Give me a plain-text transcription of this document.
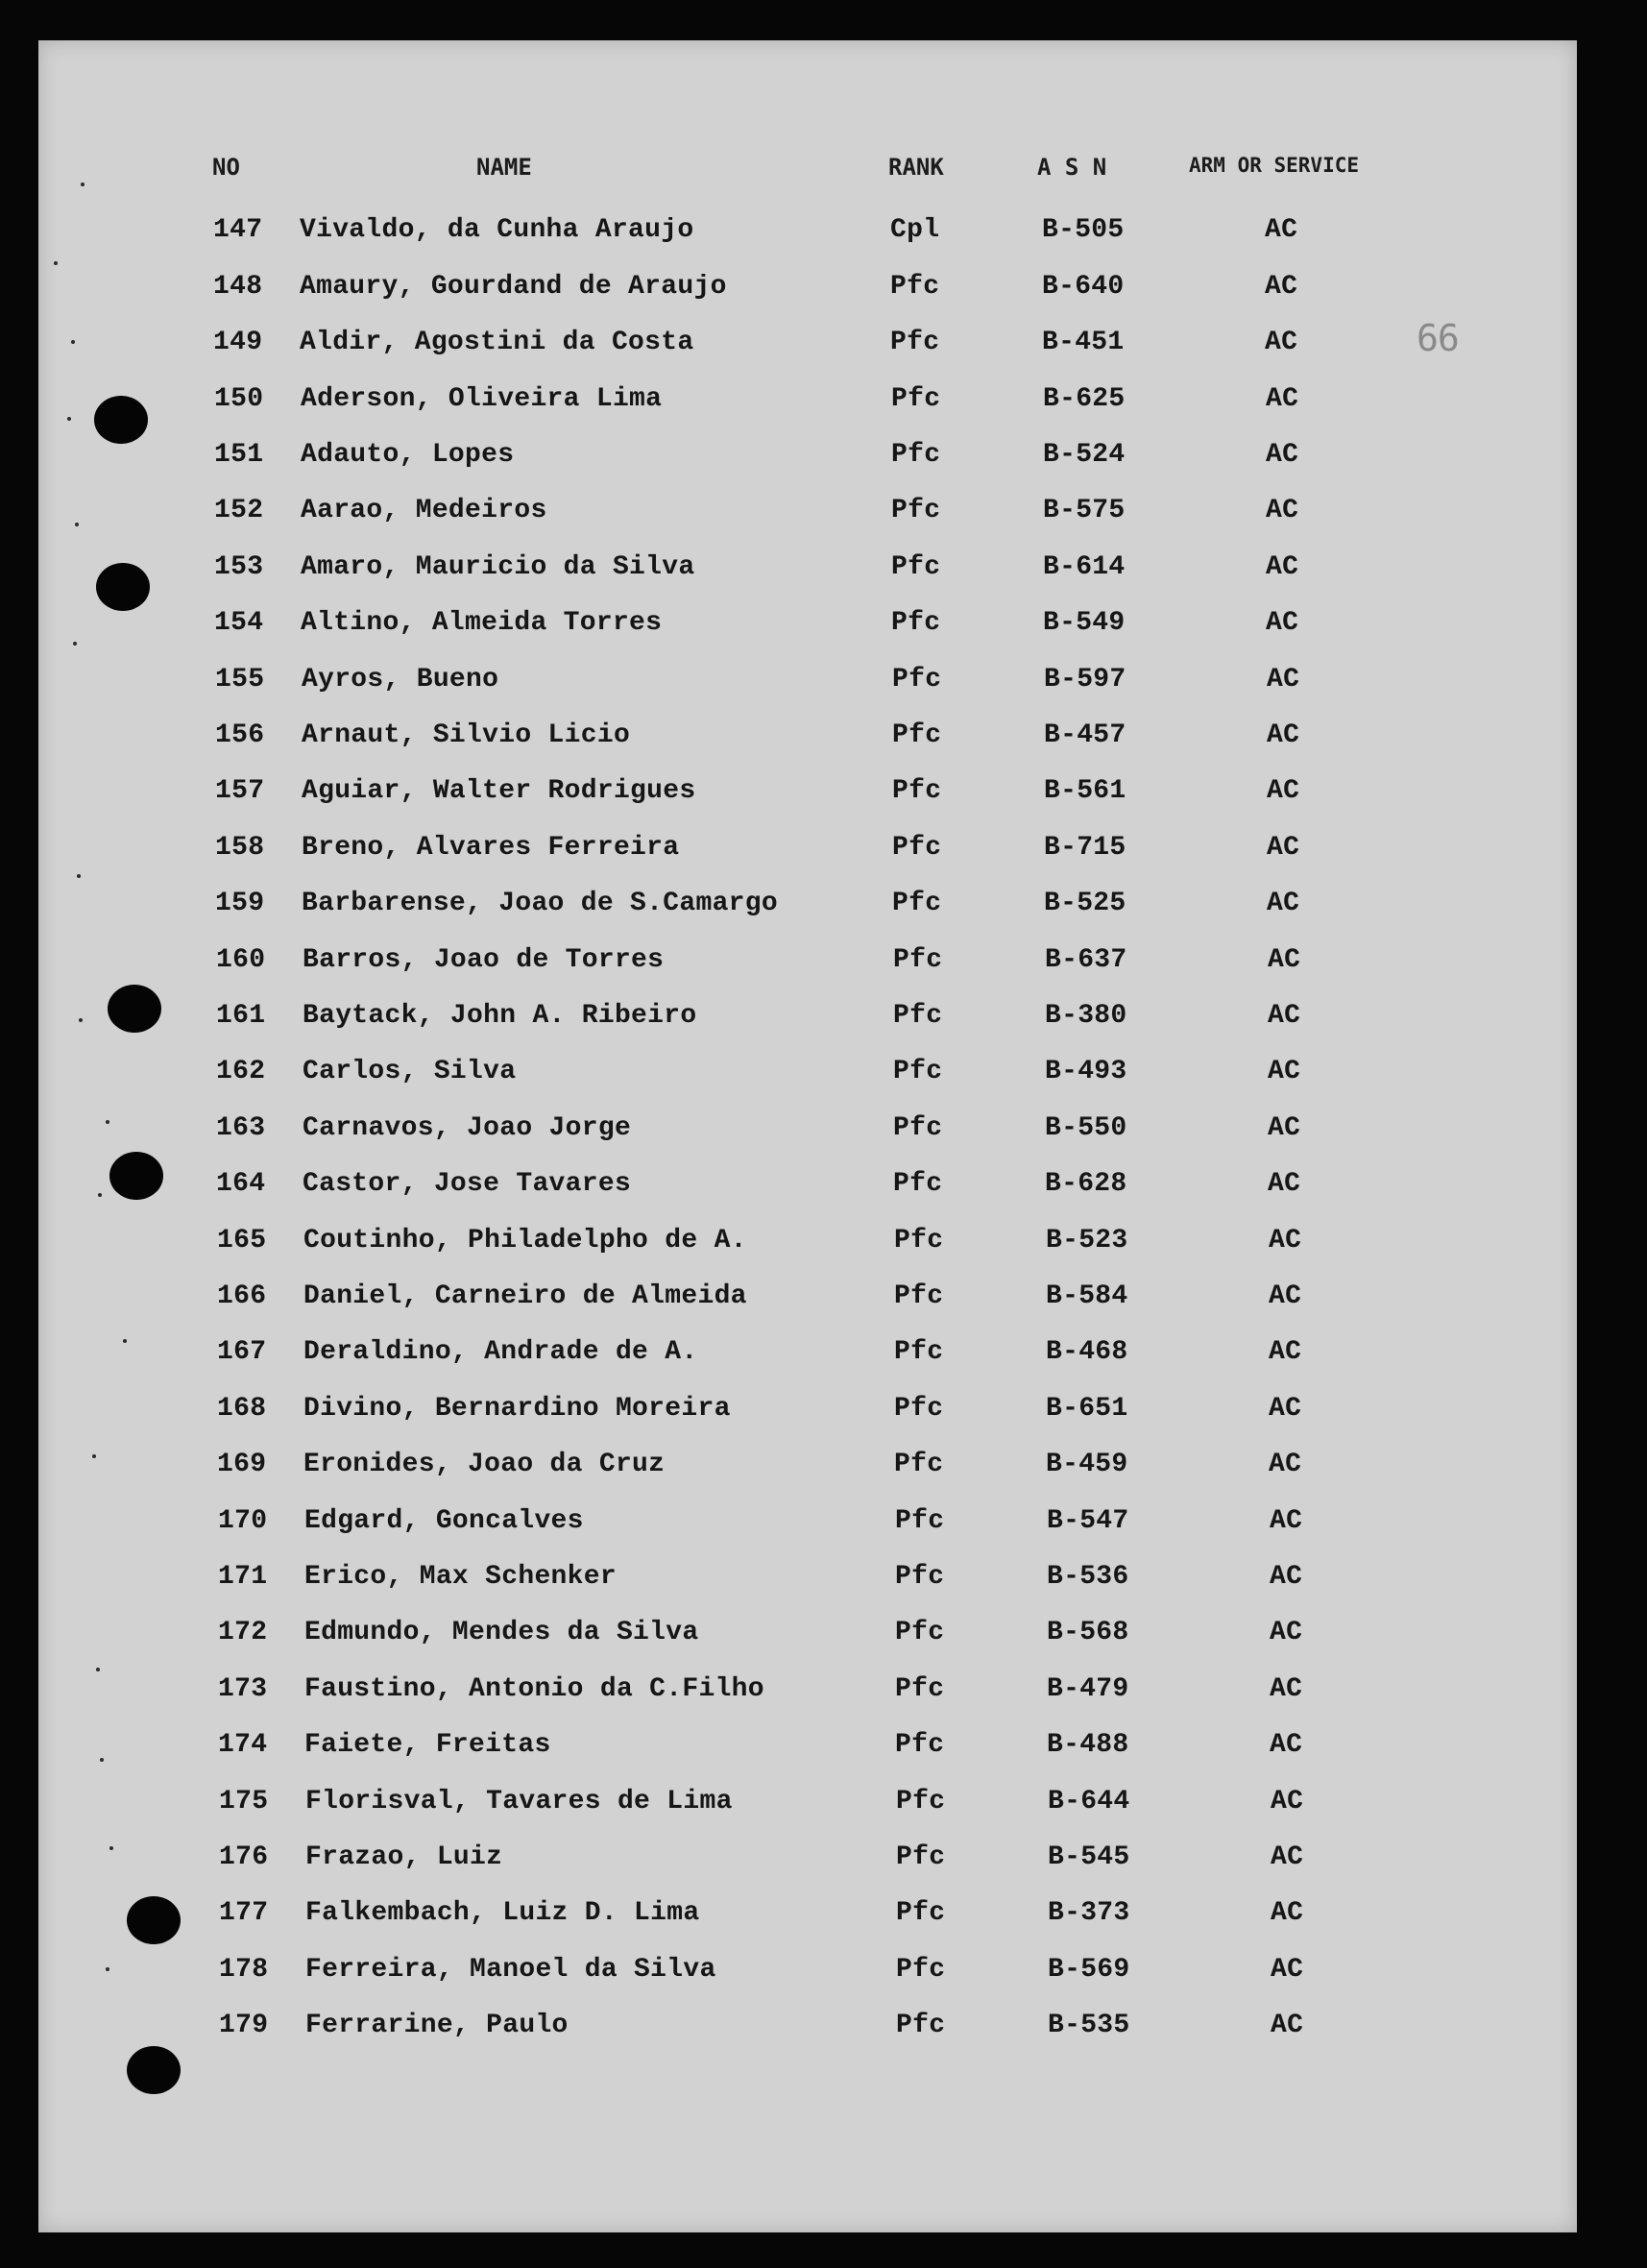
NO	NAME	RANK	A S N	ARM OR SERVICE
66
147 Vivaldo, da Cunha Araujo	Cpl	B-505	AC
148 Amaury, Gourdand de Araujo	Pfc	B-640	AC
149 Aldir, Agostini da Costa	Pfc	B-451	AC
150 Aderson, Oliveira Lima	Pfc	B-625	AC
151 Adauto, Lopes	Pfc	B-524	AC
152 Aarao, Medeiros	Pfc	B-575	AC
153 Amaro, Mauricio da Silva	Pfc	B-614	AC
154 Altino, Almeida Torres	Pfc	B-549	AC
155 Ayros, Bueno	Pfc	B-597	AC
156 Arnaut, Silvio Licio	Pfc	B-457	AC
157 Aguiar, Walter Rodrigues	Pfc	B-561	AC
158 Breno, Alvares Ferreira	Pfc	B-715	AC
159 Barbarense, Joao de S.Camargo	Pfc	B-525	AC
160 Barros, Joao de Torres	Pfc	B-637	AC
161 Baytack, John A. Ribeiro	Pfc	B-380	AC
162 Carlos, Silva	Pfc	B-493	AC
163 Carnavos, Joao Jorge	Pfc	B-550	AC
164 Castor, Jose Tavares	Pfc	B-628	AC
165 Coutinho, Philadelpho de A.	Pfc	B-523	AC
166 Daniel, Carneiro de Almeida	Pfc	B-584	AC
167 Deraldino, Andrade de A.	Pfc	B-468	AC
168 Divino, Bernardino Moreira	Pfc	B-651	AC
169 Eronides, Joao da Cruz	Pfc	B-459	AC
170 Edgard, Goncalves	Pfc	B-547	AC
171 Erico, Max Schenker	Pfc	B-536	AC
172 Edmundo, Mendes da Silva	Pfc	B-568	AC
173 Faustino, Antonio da C.Filho	Pfc	B-479	AC
174 Faiete, Freitas	Pfc	B-488	AC
175 Florisval, Tavares de Lima	Pfc	B-644	AC
176 Frazao, Luiz	Pfc	B-545	AC
177 Falkembach, Luiz D. Lima	Pfc	B-373	AC
178 Ferreira, Manoel da Silva	Pfc	B-569	AC
179 Ferrarine, Paulo	Pfc	B-535	AC
